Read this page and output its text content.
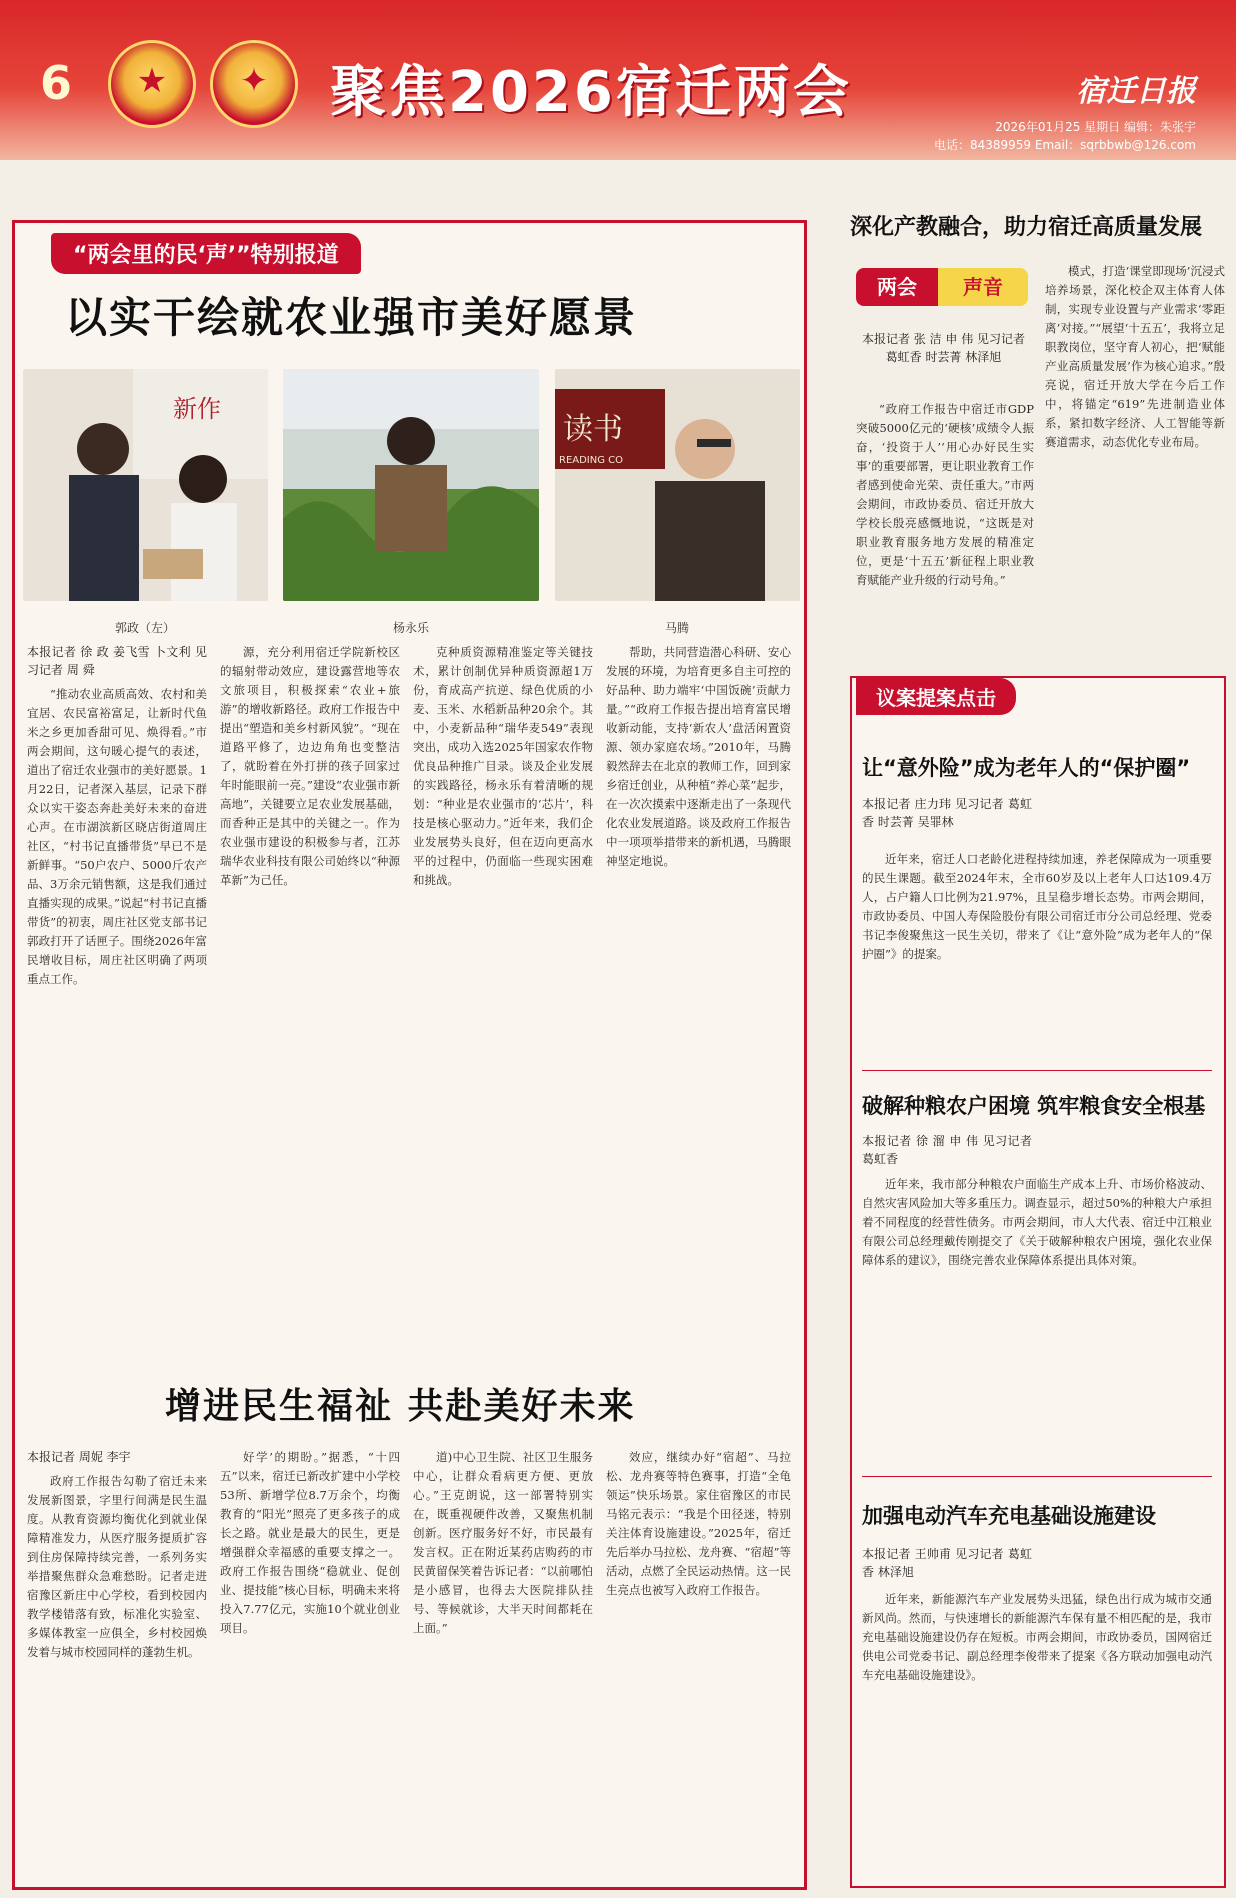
6	★	✦	聚焦2026宿迁两会	宿迁日报
2026年01月25 星期日 编辑：朱张宇
电话：84389959 Email：sqrbbwb@126.com
“两会里的民‘声’”特别报道
以实干绘就农业强市美好愿景
新作
读书
READING CO
郭政（左）	杨永乐	马腾
本报记者 徐 政 姜飞雪 卜文利 见习记者 周 舜

“推动农业高质高效、农村和美宜居、农民富裕富足，让新时代鱼米之乡更加香甜可见、焕得看。”市两会期间，这句暖心提气的表述，道出了宿迁农业强市的美好愿景。1月22日，记者深入基层，记录下群众以实干姿态奔赴美好未来的奋进心声。在市湖滨新区晓店街道周庄社区，“村书记直播带货”早已不是新鲜事。“50户农户、5000斤农产品、3万余元销售额，这是我们通过直播实现的成果。”说起“村书记直播带货”的初衷，周庄社区党支部书记郭政打开了话匣子。围绕2026年富民增收目标，周庄社区明确了两项重点工作。

源，充分利用宿迁学院新校区的辐射带动效应，建设露营地等农文旅项目，积极探索“农业+旅游”的增收新路径。政府工作报告中提出“塑造和美乡村新风貌”。“现在道路平修了，边边角角也变整洁了，就盼着在外打拼的孩子回家过年时能眼前一亮。”建设“农业强市新高地”，关键要立足农业发展基础，而香种正是其中的关键之一。作为农业强市建设的积极参与者，江苏瑞华农业科技有限公司始终以“种源革新”为己任。

克种质资源精准鉴定等关键技术，累计创制优异种质资源超1万份，育成高产抗逆、绿色优质的小麦、玉米、水稻新品种20余个。其中，小麦新品种“瑞华麦549”表现突出，成功入选2025年国家农作物优良品种推广目录。谈及企业发展的实践路径，杨永乐有着清晰的规划：“种业是农业强市的‘芯片’，科技是核心驱动力。”近年来，我们企业发展势头良好，但在迈向更高水平的过程中，仍面临一些现实困难和挑战。

帮助，共同营造潜心科研、安心发展的环境，为培育更多自主可控的好品种、助力端牢‘中国饭碗’贡献力量。”“政府工作报告提出培育富民增收新动能，支持‘新农人’盘活闲置资源、领办家庭农场。”2010年，马腾毅然辞去在北京的教师工作，回到家乡宿迁创业，从种植“养心菜”起步，在一次次摸索中逐渐走出了一条现代化农业发展道路。谈及政府工作报告中一项项举措带来的新机遇，马腾眼神坚定地说。

增进民生福祉 共赴美好未来
本报记者 周妮 李宇

政府工作报告勾勒了宿迁未来发展新图景，字里行间满是民生温度。从教育资源均衡优化到就业保障精准发力，从医疗服务提质扩容到住房保障持续完善，一系列务实举措聚焦群众急难愁盼。记者走进宿豫区新庄中心学校，看到校园内教学楼错落有致，标准化实验室、多媒体教室一应俱全，乡村校园焕发着与城市校园同样的蓬勃生机。

好学’的期盼。”据悉，“十四五”以来，宿迁已新改扩建中小学校53所、新增学位8.7万余个，均衡教育的“阳光”照亮了更多孩子的成长之路。就业是最大的民生，更是增强群众幸福感的重要支撑之一。政府工作报告围绕“稳就业、促创业、提技能”核心目标，明确未来将投入7.77亿元，实施10个就业创业项目。

道)中心卫生院、社区卫生服务中心，让群众看病更方便、更放心。”王克朗说，这一部署特别实在，既重视硬件改善，又聚焦机制创新。医疗服务好不好，市民最有发言权。正在附近某药店购药的市民黄留保笑着告诉记者：“以前哪怕是小感冒，也得去大医院排队挂号、等候就诊，大半天时间都耗在上面。”

效应，继续办好“宿超”、马拉松、龙舟赛等特色赛事，打造“全龟领运”快乐场景。家住宿豫区的市民马铭元表示：“我是个田径迷，特别关注体育设施建设。”2025年，宿迁先后举办马拉松、龙舟赛、“宿超”等活动，点燃了全民运动热情。这一民生亮点也被写入政府工作报告。

深化产教融合，助力宿迁高质量发展
两会	声音
本报记者 张 洁 申 伟 见习记者 葛虹香 时芸菁 林泽旭

“政府工作报告中宿迁市GDP突破5000亿元的‘硬核’成绩令人振奋，‘投资于人’‘用心办好民生实事’的重要部署，更让职业教育工作者感到使命光荣、责任重大。”市两会期间，市政协委员、宿迁开放大学校长殷亮感慨地说，“这既是对职业教育服务地方发展的精准定位，更是‘十五五’新征程上职业教育赋能产业升级的行动号角。”

模式，打造‘课堂即现场’沉浸式培养场景，深化校企双主体育人体制，实现专业设置与产业需求‘零距离’对接。”“展望‘十五五’，我将立足职教岗位，坚守育人初心，把‘赋能产业高质量发展’作为核心追求。”殷亮说，宿迁开放大学在今后工作中，将锚定“619”先进制造业体系，紧扣数字经济、人工智能等新赛道需求，动态优化专业布局。

议案提案点击
让“意外险”成为老年人的“保护圈”
本报记者 庄力玮 见习记者 葛虹香 时芸菁 吴罪林

近年来，宿迁人口老龄化进程持续加速，养老保障成为一项重要的民生课题。截至2024年末，全市60岁及以上老年人口达109.4万人，占户籍人口比例为21.97%，且呈稳步增长态势。市两会期间，市政协委员、中国人寿保险股份有限公司宿迁市分公司总经理、党委书记李俊聚焦这一民生关切，带来了《让“意外险”成为老年人的“保护圈”》的提案。

破解种粮农户困境 筑牢粮食安全根基
本报记者 徐 溜 申 伟 见习记者 葛虹香

近年来，我市部分种粮农户面临生产成本上升、市场价格波动、自然灾害风险加大等多重压力。调查显示，超过50%的种粮大户承担着不同程度的经营性债务。市两会期间，市人大代表、宿迁中江粮业有限公司总经理戴传刚提交了《关于破解种粮农户困境，强化农业保障体系的建议》，围绕完善农业保障体系提出具体对策。

加强电动汽车充电基础设施建设
本报记者 王帅甫 见习记者 葛虹香 林泽旭

近年来，新能源汽车产业发展势头迅猛，绿色出行成为城市交通新风尚。然而，与快速增长的新能源汽车保有量不相匹配的是，我市充电基础设施建设仍存在短板。市两会期间，市政协委员，国网宿迁供电公司党委书记、副总经理李俊带来了提案《各方联动加强电动汽车充电基础设施建设》。
